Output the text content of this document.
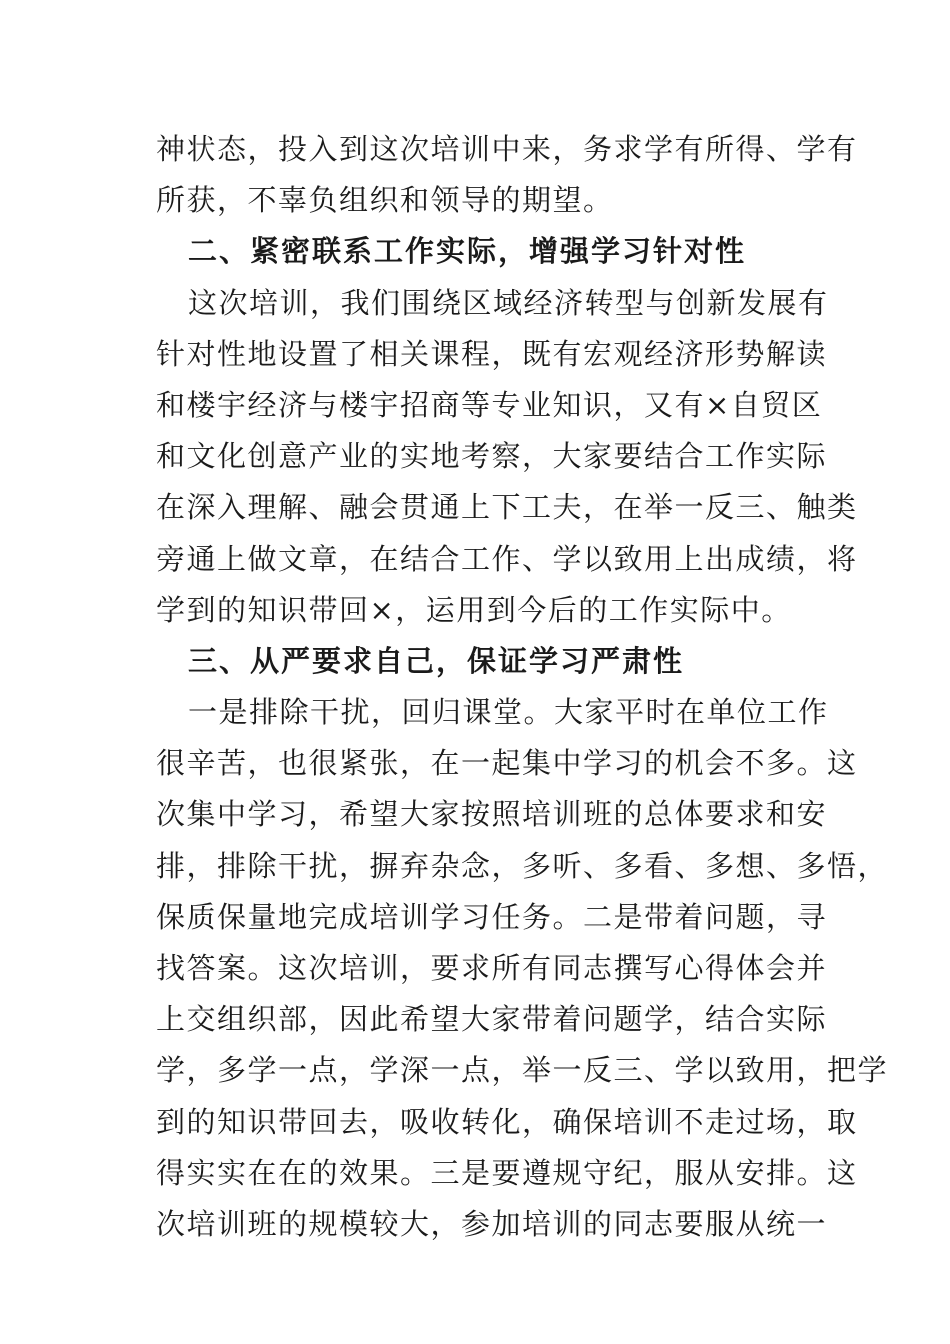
神状态，投入到这次培训中来，务求学有所得、学有
所获，不辜负组织和领导的期望。
二、紧密联系工作实际，增强学习针对性
这次培训，我们围绕区域经济转型与创新发展有
针对性地设置了相关课程，既有宏观经济形势解读
和楼宇经济与楼宇招商等专业知识，又有×自贸区
和文化创意产业的实地考察，大家要结合工作实际
在深入理解、融会贯通上下工夫，在举一反三、触类
旁通上做文章，在结合工作、学以致用上出成绩，将
学到的知识带回×，运用到今后的工作实际中。
三、从严要求自己，保证学习严肃性
一是排除干扰，回归课堂。大家平时在单位工作
很辛苦，也很紧张，在一起集中学习的机会不多。这
次集中学习，希望大家按照培训班的总体要求和安
排，排除干扰，摒弃杂念，多听、多看、多想、多悟，
保质保量地完成培训学习任务。二是带着问题，寻
找答案。这次培训，要求所有同志撰写心得体会并
上交组织部，因此希望大家带着问题学，结合实际
学，多学一点，学深一点，举一反三、学以致用，把学
到的知识带回去，吸收转化，确保培训不走过场，取
得实实在在的效果。三是要遵规守纪，服从安排。这
次培训班的规模较大，参加培训的同志要服从统一
